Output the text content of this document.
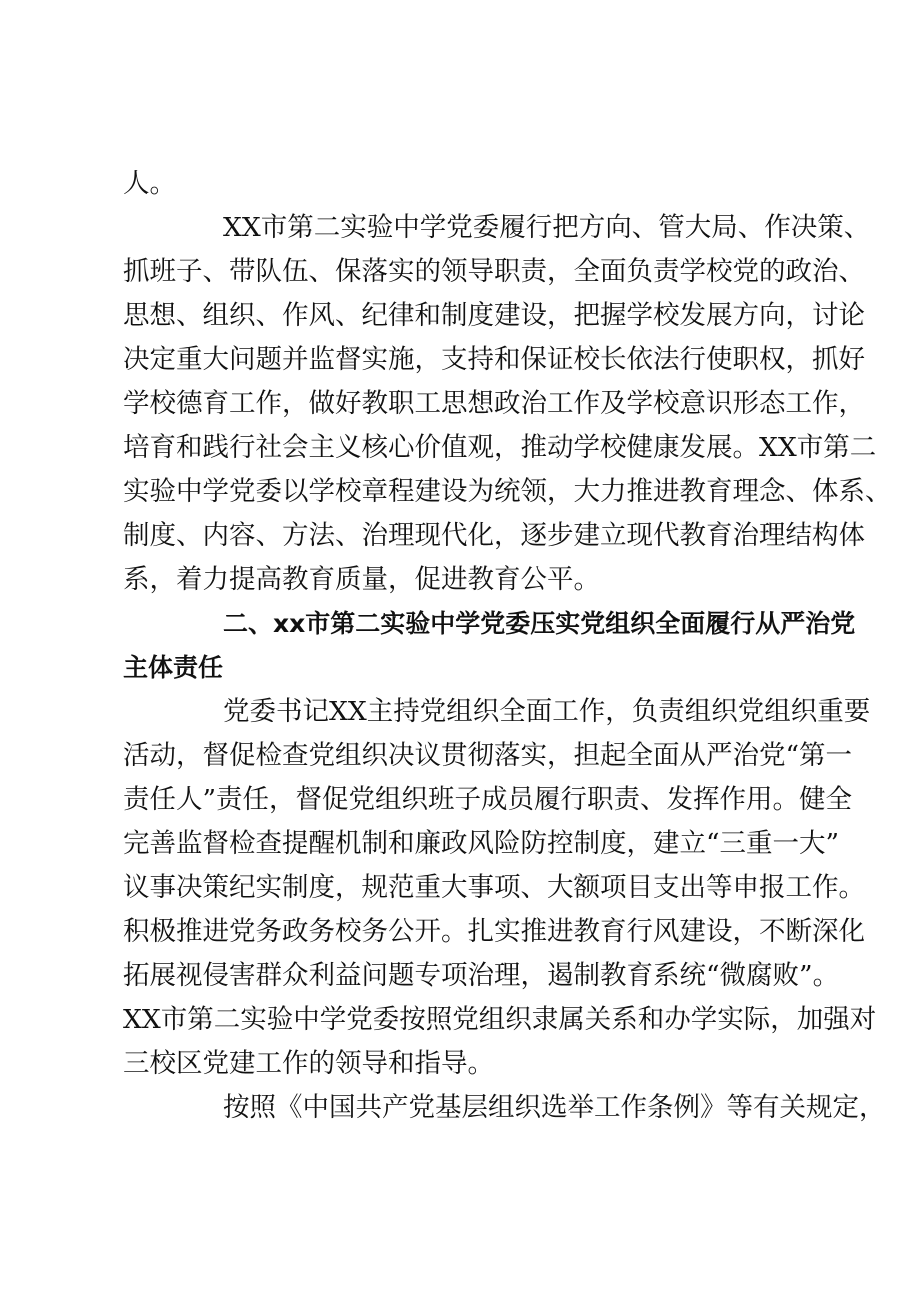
人。
XX市第二实验中学党委履行把方向、管大局、作决策、
抓班子、带队伍、保落实的领导职责，全面负责学校党的政治、
思想、组织、作风、纪律和制度建设，把握学校发展方向，讨论
决定重大问题并监督实施，支持和保证校长依法行使职权，抓好
学校德育工作，做好教职工思想政治工作及学校意识形态工作，
培育和践行社会主义核心价值观，推动学校健康发展。XX市第二
实验中学党委以学校章程建设为统领，大力推进教育理念、体系、
制度、内容、方法、治理现代化，逐步建立现代教育治理结构体
系，着力提高教育质量，促进教育公平。
二、xx市第二实验中学党委压实党组织全面履行从严治党
主体责任
党委书记XX主持党组织全面工作，负责组织党组织重要
活动，督促检查党组织决议贯彻落实，担起全面从严治党“第一
责任人”责任，督促党组织班子成员履行职责、发挥作用。健全
完善监督检查提醒机制和廉政风险防控制度，建立“三重一大”
议事决策纪实制度，规范重大事项、大额项目支出等申报工作。
积极推进党务政务校务公开。扎实推进教育行风建设，不断深化
拓展视侵害群众利益问题专项治理，遏制教育系统“微腐败”。
XX市第二实验中学党委按照党组织隶属关系和办学实际，加强对
三校区党建工作的领导和指导。
按照《中国共产党基层组织选举工作条例》等有关规定，
